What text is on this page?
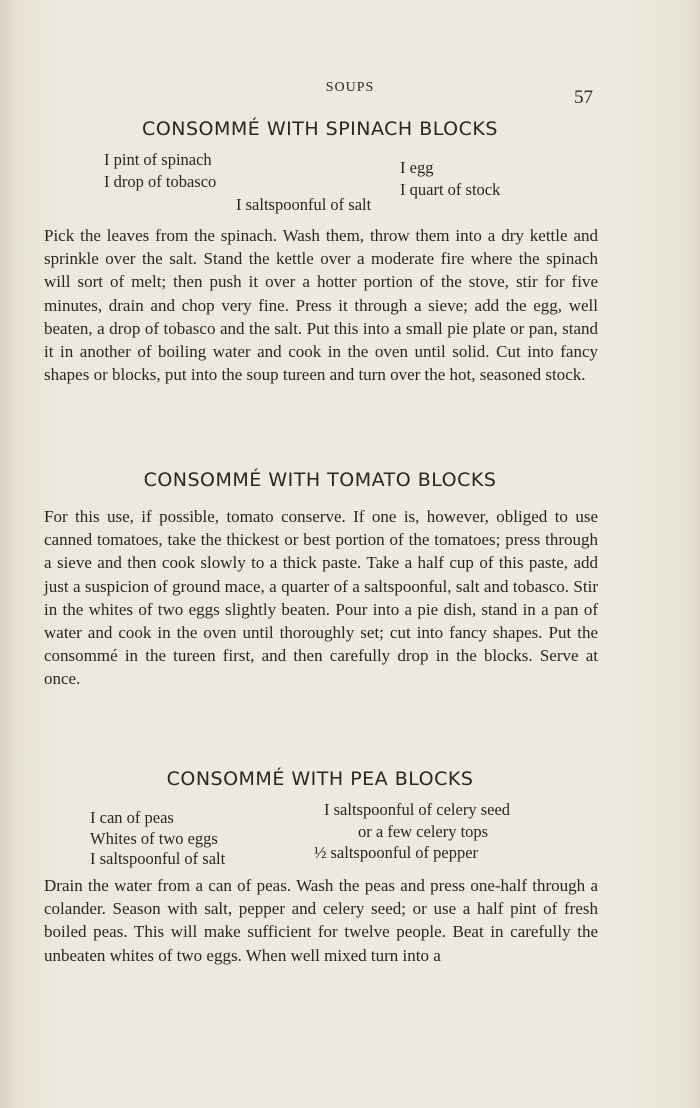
SOUPS	57
CONSOMMÉ WITH SPINACH BLOCKS
I pint of spinach	I egg
I drop of tobasco	I quart of stock
I saltspoonful of salt
Pick the leaves from the spinach. Wash them, throw them into a dry kettle and sprinkle over the salt. Stand the kettle over a moderate fire where the spinach will sort of melt; then push it over a hotter portion of the stove, stir for five minutes, drain and chop very fine. Press it through a sieve; add the egg, well beaten, a drop of tobasco and the salt. Put this into a small pie plate or pan, stand it in another of boiling water and cook in the oven until solid. Cut into fancy shapes or blocks, put into the soup tureen and turn over the hot, seasoned stock.
CONSOMMÉ WITH TOMATO BLOCKS
For this use, if possible, tomato conserve. If one is, however, obliged to use canned tomatoes, take the thickest or best portion of the tomatoes; press through a sieve and then cook slowly to a thick paste. Take a half cup of this paste, add just a suspicion of ground mace, a quarter of a saltspoonful, salt and tobasco. Stir in the whites of two eggs slightly beaten. Pour into a pie dish, stand in a pan of water and cook in the oven until thoroughly set; cut into fancy shapes. Put the consommé in the tureen first, and then carefully drop in the blocks. Serve at once.
CONSOMMÉ WITH PEA BLOCKS
I can of peas	I saltspoonful of celery seed
Whites of two eggs	or a few celery tops
I saltspoonful of salt	½ saltspoonful of pepper
Drain the water from a can of peas. Wash the peas and press one-half through a colander. Season with salt, pepper and celery seed; or use a half pint of fresh boiled peas. This will make sufficient for twelve people. Beat in carefully the unbeaten whites of two eggs. When well mixed turn into a
